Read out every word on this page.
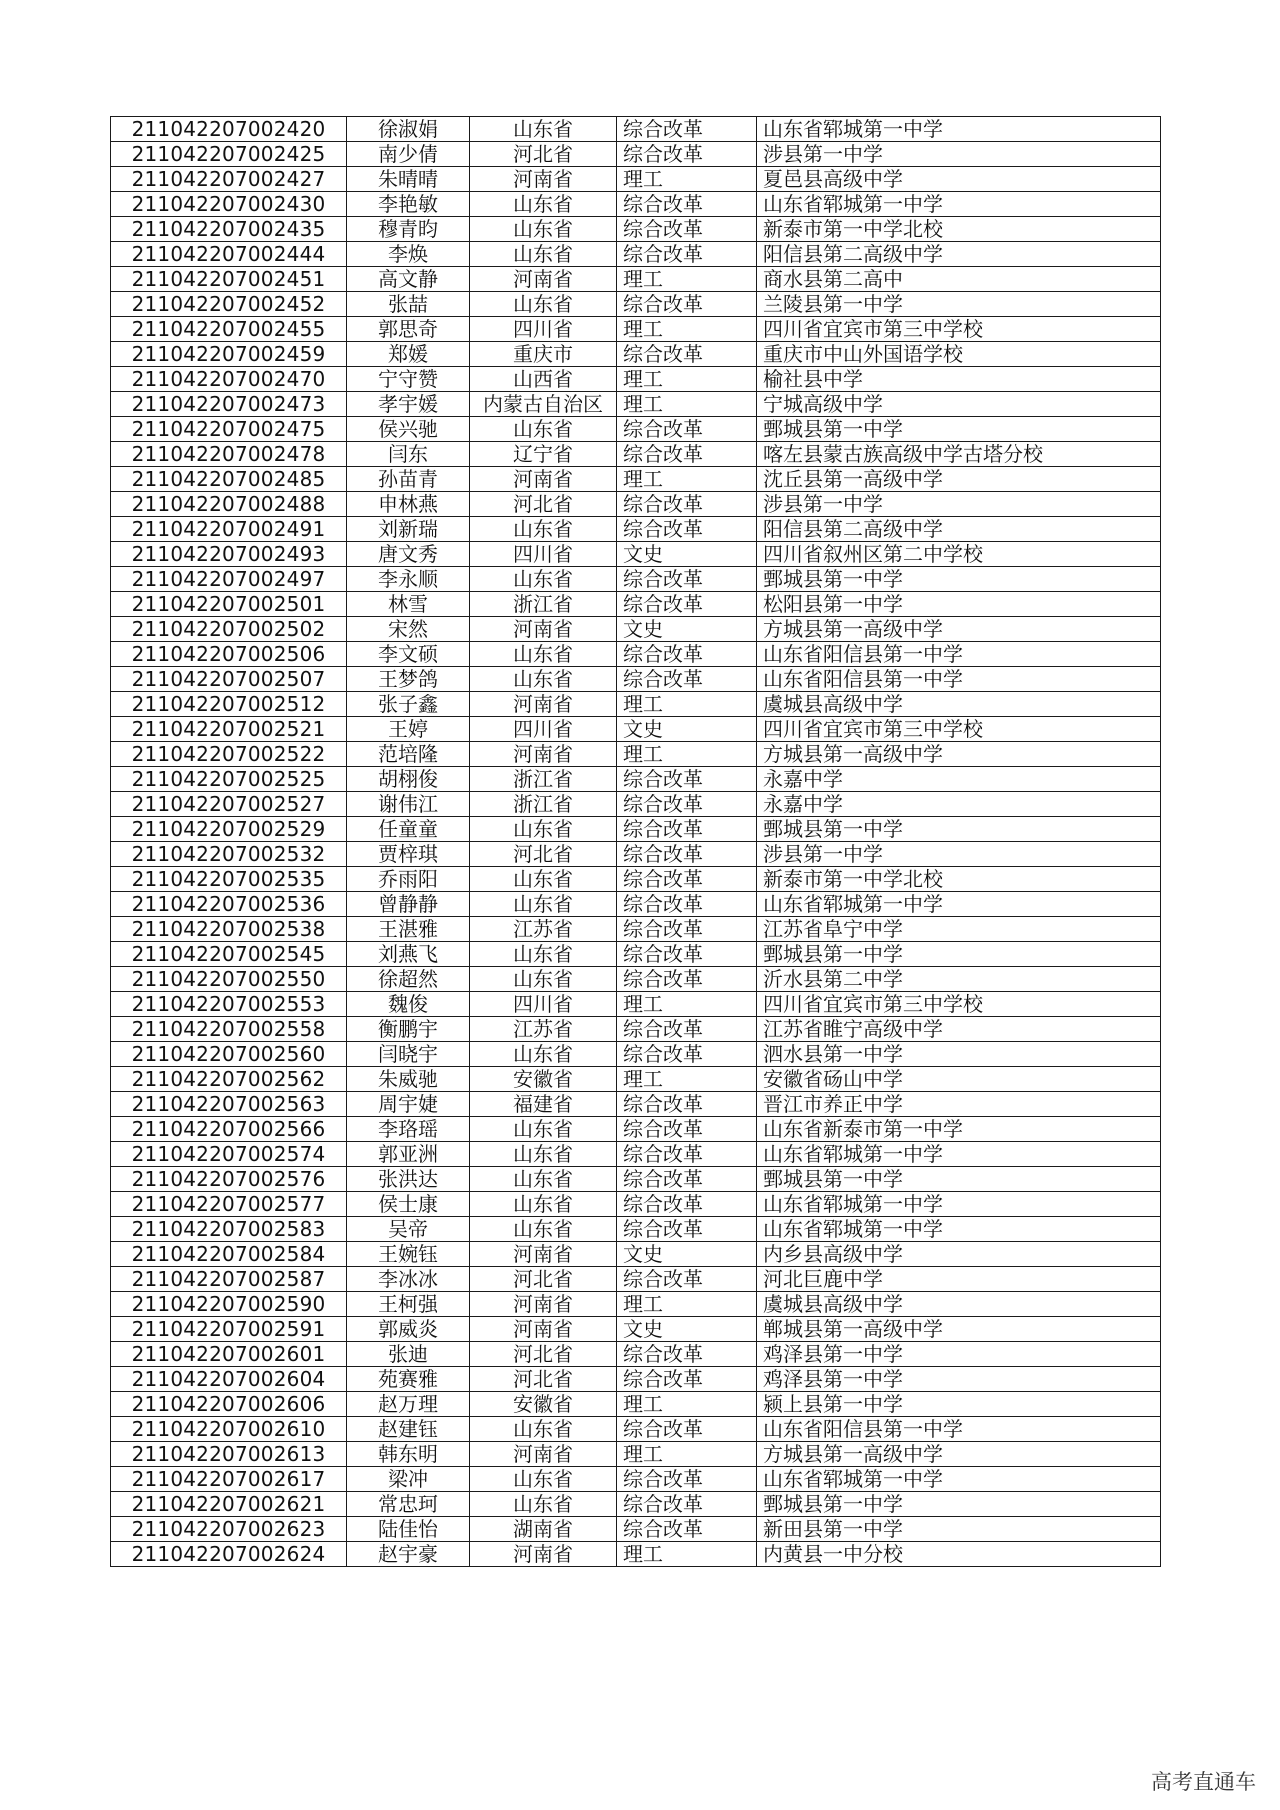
211042207002420	徐淑娟	山东省	综合改革	山东省郓城第一中学
211042207002425	南少倩	河北省	综合改革	涉县第一中学
211042207002427	朱晴晴	河南省	理工	夏邑县高级中学
211042207002430	李艳敏	山东省	综合改革	山东省郓城第一中学
211042207002435	穆青昀	山东省	综合改革	新泰市第一中学北校
211042207002444	李焕	山东省	综合改革	阳信县第二高级中学
211042207002451	高文静	河南省	理工	商水县第二高中
211042207002452	张喆	山东省	综合改革	兰陵县第一中学
211042207002455	郭思奇	四川省	理工	四川省宜宾市第三中学校
211042207002459	郑媛	重庆市	综合改革	重庆市中山外国语学校
211042207002470	宁守赞	山西省	理工	榆社县中学
211042207002473	孝宇媛	内蒙古自治区	理工	宁城高级中学
211042207002475	侯兴驰	山东省	综合改革	鄄城县第一中学
211042207002478	闫东	辽宁省	综合改革	喀左县蒙古族高级中学古塔分校
211042207002485	孙苗青	河南省	理工	沈丘县第一高级中学
211042207002488	申林燕	河北省	综合改革	涉县第一中学
211042207002491	刘新瑞	山东省	综合改革	阳信县第二高级中学
211042207002493	唐文秀	四川省	文史	四川省叙州区第二中学校
211042207002497	李永顺	山东省	综合改革	鄄城县第一中学
211042207002501	林雪	浙江省	综合改革	松阳县第一中学
211042207002502	宋然	河南省	文史	方城县第一高级中学
211042207002506	李文硕	山东省	综合改革	山东省阳信县第一中学
211042207002507	王梦鸽	山东省	综合改革	山东省阳信县第一中学
211042207002512	张子鑫	河南省	理工	虞城县高级中学
211042207002521	王婷	四川省	文史	四川省宜宾市第三中学校
211042207002522	范培隆	河南省	理工	方城县第一高级中学
211042207002525	胡栩俊	浙江省	综合改革	永嘉中学
211042207002527	谢伟江	浙江省	综合改革	永嘉中学
211042207002529	任童童	山东省	综合改革	鄄城县第一中学
211042207002532	贾梓琪	河北省	综合改革	涉县第一中学
211042207002535	乔雨阳	山东省	综合改革	新泰市第一中学北校
211042207002536	曾静静	山东省	综合改革	山东省郓城第一中学
211042207002538	王湛雅	江苏省	综合改革	江苏省阜宁中学
211042207002545	刘燕飞	山东省	综合改革	鄄城县第一中学
211042207002550	徐超然	山东省	综合改革	沂水县第二中学
211042207002553	魏俊	四川省	理工	四川省宜宾市第三中学校
211042207002558	衡鹏宇	江苏省	综合改革	江苏省睢宁高级中学
211042207002560	闫晓宇	山东省	综合改革	泗水县第一中学
211042207002562	朱威驰	安徽省	理工	安徽省砀山中学
211042207002563	周宇婕	福建省	综合改革	晋江市养正中学
211042207002566	李珞瑶	山东省	综合改革	山东省新泰市第一中学
211042207002574	郭亚洲	山东省	综合改革	山东省郓城第一中学
211042207002576	张洪达	山东省	综合改革	鄄城县第一中学
211042207002577	侯士康	山东省	综合改革	山东省郓城第一中学
211042207002583	吴帝	山东省	综合改革	山东省郓城第一中学
211042207002584	王婉钰	河南省	文史	内乡县高级中学
211042207002587	李冰冰	河北省	综合改革	河北巨鹿中学
211042207002590	王柯强	河南省	理工	虞城县高级中学
211042207002591	郭威炎	河南省	文史	郸城县第一高级中学
211042207002601	张迪	河北省	综合改革	鸡泽县第一中学
211042207002604	苑赛雅	河北省	综合改革	鸡泽县第一中学
211042207002606	赵万理	安徽省	理工	颍上县第一中学
211042207002610	赵建钰	山东省	综合改革	山东省阳信县第一中学
211042207002613	韩东明	河南省	理工	方城县第一高级中学
211042207002617	梁冲	山东省	综合改革	山东省郓城第一中学
211042207002621	常忠珂	山东省	综合改革	鄄城县第一中学
211042207002623	陆佳怡	湖南省	综合改革	新田县第一中学
211042207002624	赵宇豪	河南省	理工	内黄县一中分校
高考直通车
